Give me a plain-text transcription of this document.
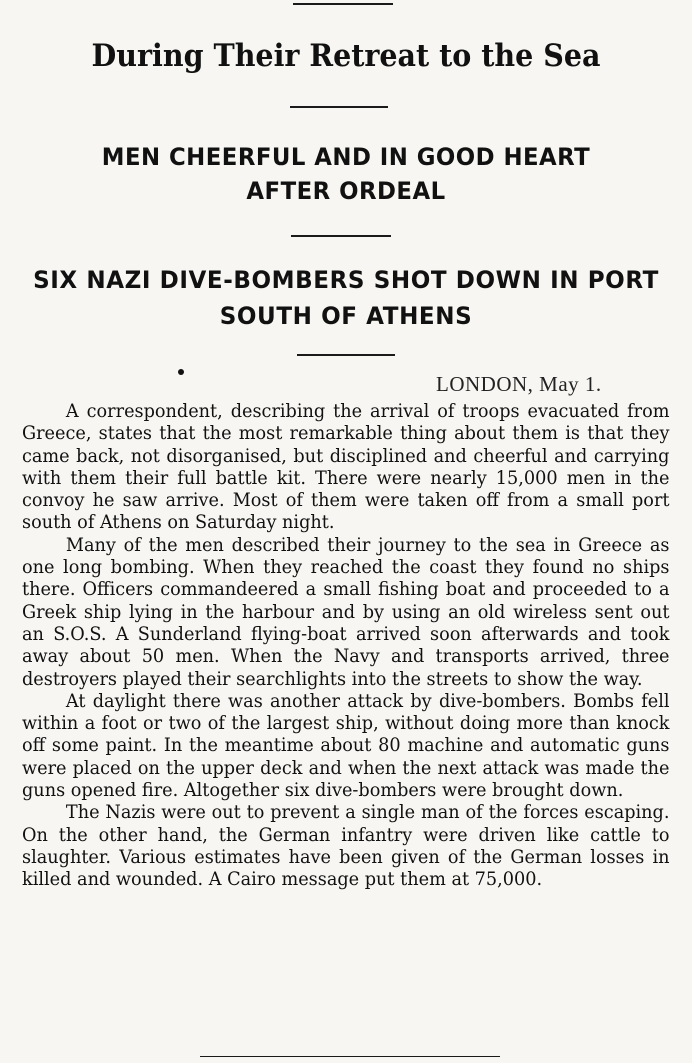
During Their Retreat to the Sea
MEN CHEERFUL AND IN GOOD HEART AFTER ORDEAL
SIX NAZI DIVE-BOMBERS SHOT DOWN IN PORT SOUTH OF ATHENS
LONDON, May 1.

A correspondent, describing the arrival of troops evacuated from Greece, states that the most remarkable thing about them is that they came back, not disorganised, but disciplined and cheerful and carrying with them their full battle kit. There were nearly 15,000 men in the convoy he saw arrive. Most of them were taken off from a small port south of Athens on Saturday night.

Many of the men described their journey to the sea in Greece as one long bombing. When they reached the coast they found no ships there. Officers commandeered a small fishing boat and proceeded to a Greek ship lying in the harbour and by using an old wireless sent out an S.O.S. A Sunderland flying-boat arrived soon afterwards and took away about 50 men. When the Navy and transports arrived, three destroyers played their searchlights into the streets to show the way.

At daylight there was another attack by dive-bombers. Bombs fell within a foot or two of the largest ship, without doing more than knock off some paint. In the meantime about 80 machine and automatic guns were placed on the upper deck and when the next attack was made the guns opened fire. Altogether six dive-bombers were brought down.

The Nazis were out to prevent a single man of the forces escaping. On the other hand, the German infantry were driven like cattle to slaughter. Various estimates have been given of the German losses in killed and wounded. A Cairo message put them at 75,000.
